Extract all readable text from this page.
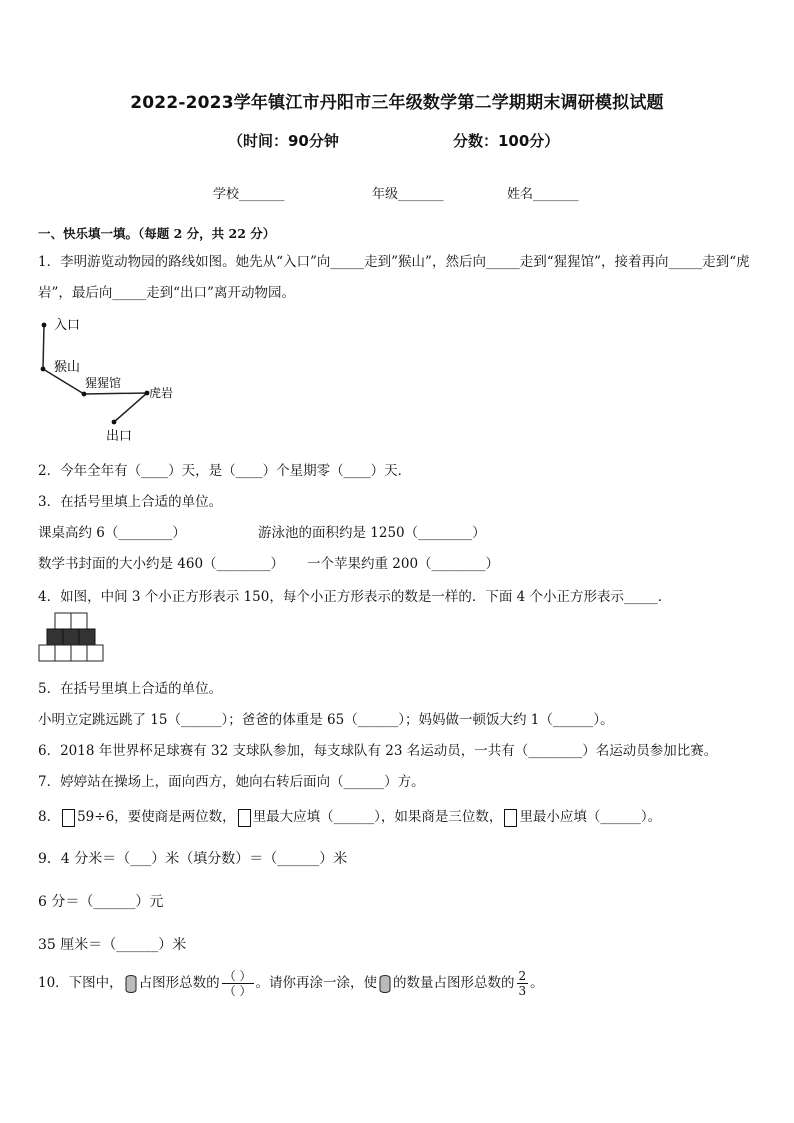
2022-2023学年镇江市丹阳市三年级数学第二学期期末调研模拟试题
（时间：90分钟	分数：100分）
学校_______	年级_______	姓名_______
一、快乐填一填。（每题 2 分，共 22 分）
1．李明游览动物园的路线如图。她先从“入口”向_____走到”猴山”，然后向_____走到“猩猩馆”，接着再向_____走到“虎
岩”，最后向_____走到“出口”离开动物园。
入口
猴山
猩猩馆
虎岩
出口
2．今年全年有（____）天，是（____）个星期零（____）天．
3．在括号里填上合适的单位。
课桌高约 6（________）	游泳池的面积约是 1250（________）
数学书封面的大小约是 460（________） 一个苹果约重 200（________）
4．如图，中间 3 个小正方形表示 150，每个小正方形表示的数是一样的．下面 4 个小正方形表示_____．
5．在括号里填上合适的单位。
小明立定跳远跳了 15（______）；爸爸的体重是 65（______）；妈妈做一顿饭大约 1（______）。
6．2018 年世界杯足球赛有 32 支球队参加，每支球队有 23 名运动员，一共有（________）名运动员参加比赛。
7．婷婷站在操场上，面向西方，她向右转后面向（______）方。
8． 59÷6，要使商是两位数， 里最大应填（______），如果商是三位数， 里最小应填（______）。
9．4 分米＝（___）米（填分数）＝（______）米
6 分＝（______）元
35 厘米＝（______）米
10．下图中， 占图形总数的 $\frac{( )}{( )}$ 。请你再涂一涂，使 的数量占图形总数的 $\frac{2}{3}$ 。
